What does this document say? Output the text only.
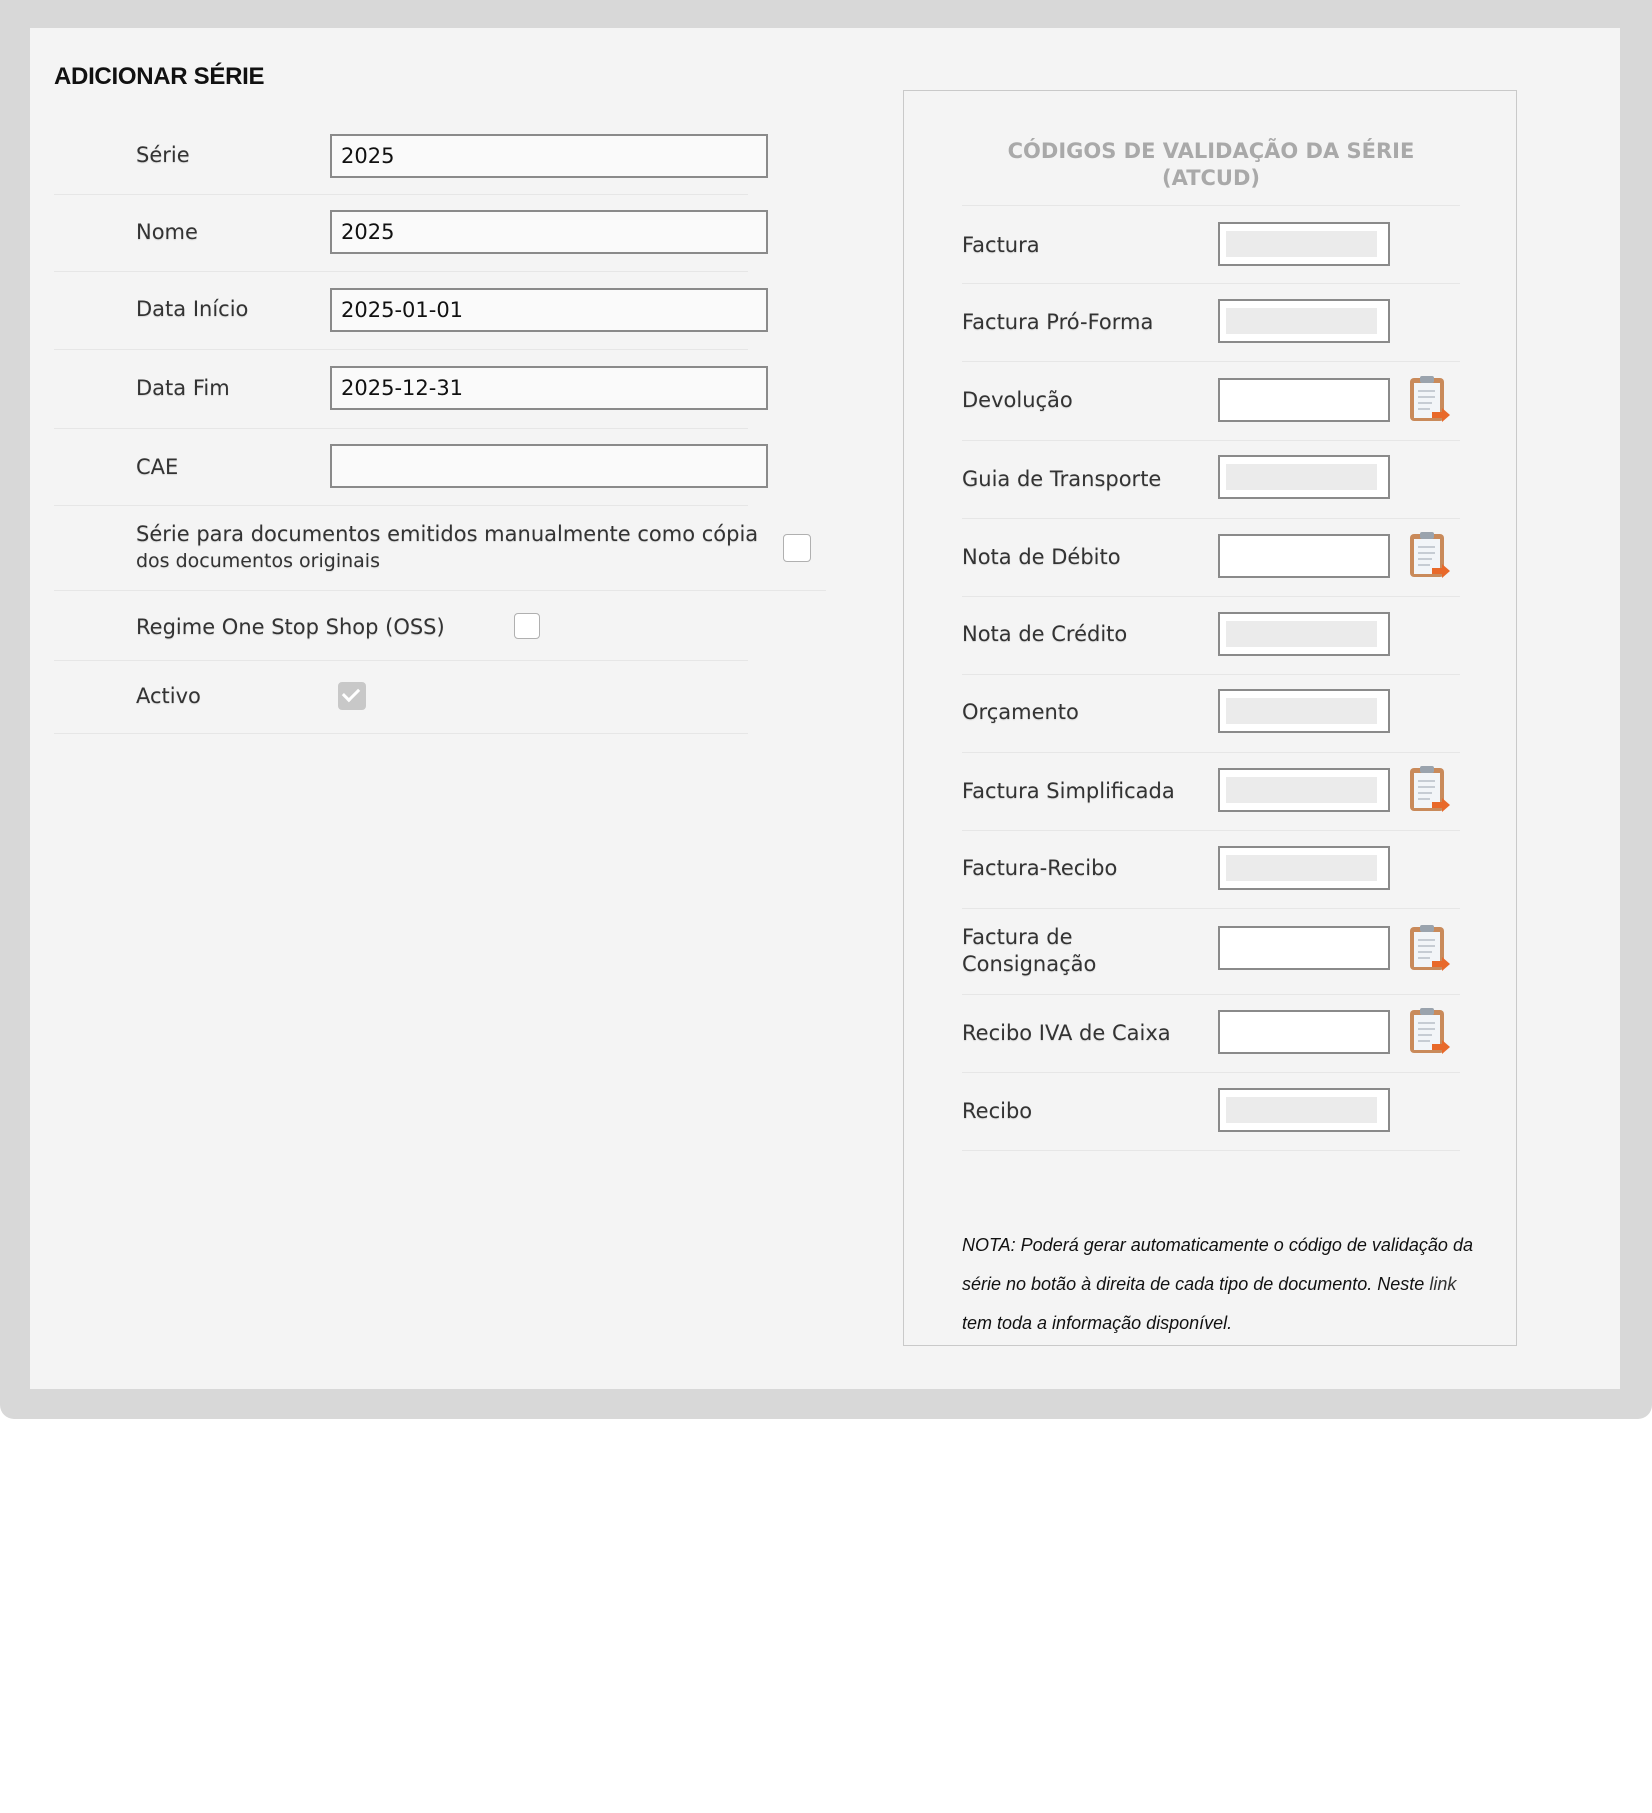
ADICIONAR SÉRIE
Série
2025
Nome
2025
Data Início
2025-01-01
Data Fim
2025-12-31
CAE
Série para documentos emitidos manualmente como cópia
dos documentos originais
Regime One Stop Shop (OSS)
Activo
CÓDIGOS DE VALIDAÇÃO DA SÉRIE
(ATCUD)
Factura
Factura Pró-Forma
Devolução
Guia de Transporte
Nota de Débito
Nota de Crédito
Orçamento
Factura Simplificada
Factura-Recibo
Factura de
Consignação
Recibo IVA de Caixa
Recibo
NOTA: Poderá gerar automaticamente o código de validação da série no botão à direita de cada tipo de documento. Neste link tem toda a informação disponível.
